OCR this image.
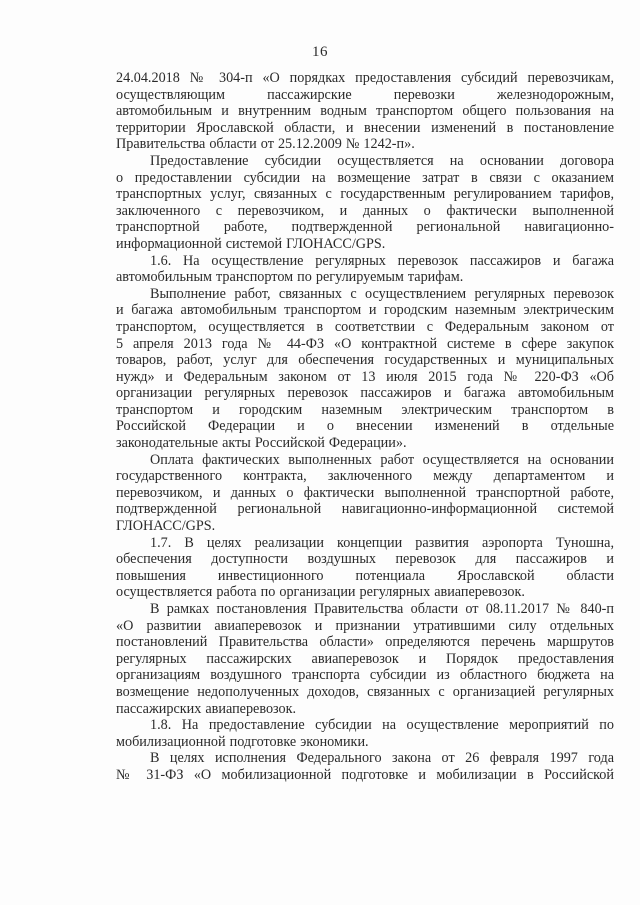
16
24.04.2018 № 304-п «О порядках предоставления субсидий перевозчикам,
осуществляющим пассажирские перевозки железнодорожным,
автомобильным и внутренним водным транспортом общего пользования на
территории Ярославской области, и внесении изменений в постановление
Правительства области от 25.12.2009 № 1242-п».
Предоставление субсидии осуществляется на основании договора
о предоставлении субсидии на возмещение затрат в связи с оказанием
транспортных услуг, связанных с государственным регулированием тарифов,
заключенного с перевозчиком, и данных о фактически выполненной
транспортной работе, подтвержденной региональной навигационно-
информационной системой ГЛОНАСС/GPS.
1.6. На осуществление регулярных перевозок пассажиров и багажа
автомобильным транспортом по регулируемым тарифам.
Выполнение работ, связанных с осуществлением регулярных перевозок
и багажа автомобильным транспортом и городским наземным электрическим
транспортом, осуществляется в соответствии с Федеральным законом от
5 апреля 2013 года № 44-ФЗ «О контрактной системе в сфере закупок
товаров, работ, услуг для обеспечения государственных и муниципальных
нужд» и Федеральным законом от 13 июля 2015 года № 220-ФЗ «Об
организации регулярных перевозок пассажиров и багажа автомобильным
транспортом и городским наземным электрическим транспортом в
Российской Федерации и о внесении изменений в отдельные
законодательные акты Российской Федерации».
Оплата фактических выполненных работ осуществляется на основании
государственного контракта, заключенного между департаментом и
перевозчиком, и данных о фактически выполненной транспортной работе,
подтвержденной региональной навигационно-информационной системой
ГЛОНАСС/GPS.
1.7. В целях реализации концепции развития аэропорта Туношна,
обеспечения доступности воздушных перевозок для пассажиров и
повышения инвестиционного потенциала Ярославской области
осуществляется работа по организации регулярных авиаперевозок.
В рамках постановления Правительства области от 08.11.2017 № 840-п
«О развитии авиаперевозок и признании утратившими силу отдельных
постановлений Правительства области» определяются перечень маршрутов
регулярных пассажирских авиаперевозок и Порядок предоставления
организациям воздушного транспорта субсидии из областного бюджета на
возмещение недополученных доходов, связанных с организацией регулярных
пассажирских авиаперевозок.
1.8. На предоставление субсидии на осуществление мероприятий по
мобилизационной подготовке экономики.
В целях исполнения Федерального закона от 26 февраля 1997 года
№ 31-ФЗ «О мобилизационной подготовке и мобилизации в Российской
